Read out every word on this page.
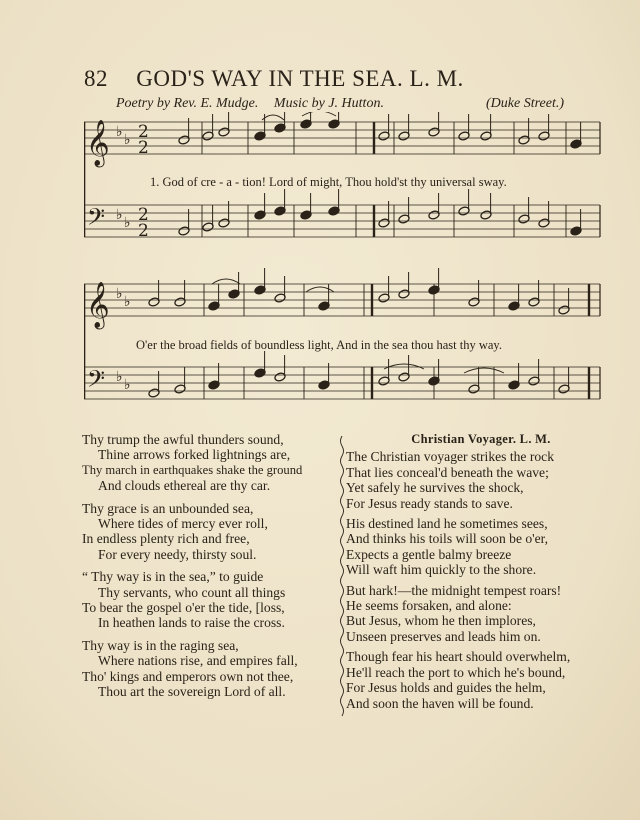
82 GOD'S WAY IN THE SEA. L. M.
Poetry by Rev. E. Mudge. Music by J. Hutton.	(Duke Street.)
𝄞
𝄞
𝄢
𝄢
♭ ♭ 2
2
♭ ♭ 2
2
♭ ♭
♭ ♭
1. God of cre - a - tion! Lord of might, Thou hold'st thy universal sway.
O'er the broad fields of boundless light, And in the sea thou hast thy way.
Thy trump the awful thunders sound,
Thine arrows forked lightnings are,
Thy march in earthquakes shake the ground
And clouds ethereal are thy car.
Thy grace is an unbounded sea,
Where tides of mercy ever roll,
In endless plenty rich and free,
For every needy, thirsty soul.
“ Thy way is in the sea,” to guide
Thy servants, who count all things
To bear the gospel o'er the tide, [loss,
In heathen lands to raise the cross.
Thy way is in the raging sea,
Where nations rise, and empires fall,
Tho' kings and emperors own not thee,
Thou art the sovereign Lord of all.
Christian Voyager. L. M.
The Christian voyager strikes the rock
That lies conceal'd beneath the wave;
Yet safely he survives the shock,
For Jesus ready stands to save.
His destined land he sometimes sees,
And thinks his toils will soon be o'er,
Expects a gentle balmy breeze
Will waft him quickly to the shore.
But hark!—the midnight tempest roars!
He seems forsaken, and alone:
But Jesus, whom he then implores,
Unseen preserves and leads him on.
Though fear his heart should overwhelm,
He'll reach the port to which he's bound,
For Jesus holds and guides the helm,
And soon the haven will be found.
